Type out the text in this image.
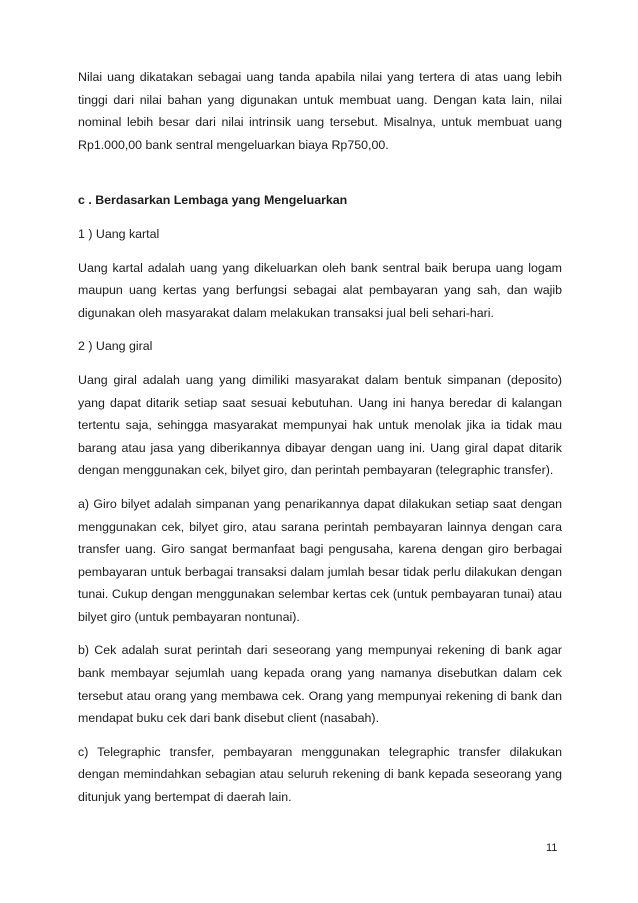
Nilai uang dikatakan sebagai uang tanda apabila nilai yang tertera di atas uang lebih tinggi dari nilai bahan yang digunakan untuk membuat uang. Dengan kata lain, nilai nominal lebih besar dari nilai intrinsik uang tersebut. Misalnya, untuk membuat uang Rp1.000,00 bank sentral mengeluarkan biaya Rp750,00.

c . Berdasarkan Lembaga yang Mengeluarkan

1 ) Uang kartal

Uang kartal adalah uang yang dikeluarkan oleh bank sentral baik berupa uang logam maupun uang kertas yang berfungsi sebagai alat pembayaran yang sah, dan wajib digunakan oleh masyarakat dalam melakukan transaksi jual beli sehari-hari.

2 ) Uang giral

Uang giral adalah uang yang dimiliki masyarakat dalam bentuk simpanan (deposito) yang dapat ditarik setiap saat sesuai kebutuhan. Uang ini hanya beredar di kalangan tertentu saja, sehingga masyarakat mempunyai hak untuk menolak jika ia tidak mau barang atau jasa yang diberikannya dibayar dengan uang ini. Uang giral dapat ditarik dengan menggunakan cek, bilyet giro, dan perintah pembayaran (telegraphic transfer).

a) Giro bilyet adalah simpanan yang penarikannya dapat dilakukan setiap saat dengan menggunakan cek, bilyet giro, atau sarana perintah pembayaran lainnya dengan cara transfer uang. Giro sangat bermanfaat bagi pengusaha, karena dengan giro berbagai pembayaran untuk berbagai transaksi dalam jumlah besar tidak perlu dilakukan dengan tunai. Cukup dengan menggunakan selembar kertas cek (untuk pembayaran tunai) atau bilyet giro (untuk pembayaran nontunai).

b) Cek adalah surat perintah dari seseorang yang mempunyai rekening di bank agar bank membayar sejumlah uang kepada orang yang namanya disebutkan dalam cek tersebut atau orang yang membawa cek. Orang yang mempunyai rekening di bank dan mendapat buku cek dari bank disebut client (nasabah).

c) Telegraphic transfer, pembayaran menggunakan telegraphic transfer dilakukan dengan memindahkan sebagian atau seluruh rekening di bank kepada seseorang yang ditunjuk yang bertempat di daerah lain.

11
